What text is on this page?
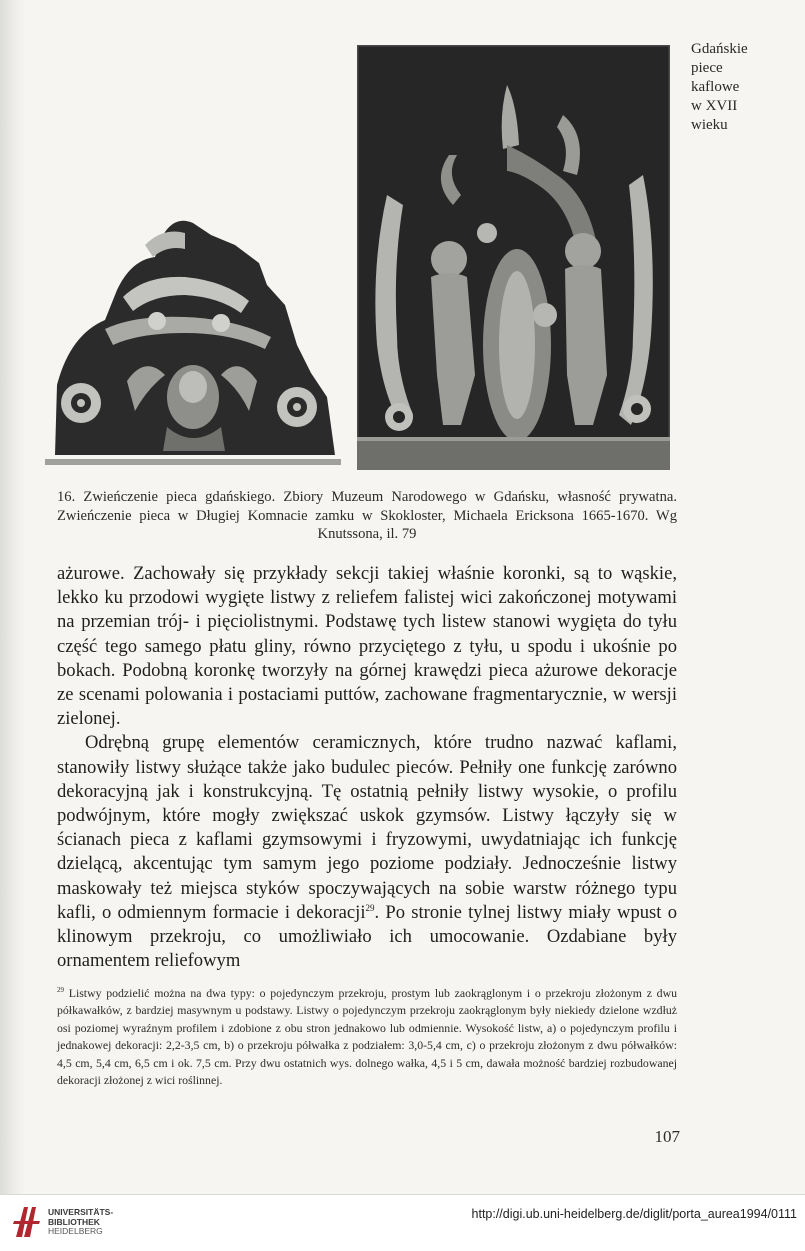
Gdańskie
piece
kaflowe
w XVII
wieku
16. Zwieńczenie pieca gdańskiego. Zbiory Muzeum Narodowego w Gdańsku, własność prywatna. Zwieńczenie pieca w Długiej Komnacie zamku w Skokloster, Michaela Ericksona 1665-1670. Wg Knutssona, il. 79

ażurowe. Zachowały się przykłady sekcji takiej właśnie koronki, są to wąskie, lekko ku przodowi wygięte listwy z reliefem falistej wici zakończonej motywami na przemian trój- i pięciolistnymi. Podstawę tych listew stanowi wygięta do tyłu część tego samego płatu gliny, równo przyciętego z tyłu, u spodu i ukośnie po bokach. Podobną koronkę tworzyły na górnej krawędzi pieca ażurowe dekoracje ze scenami polowania i postaciami puttów, zachowane fragmentarycznie, w wersji zielonej.

Odrębną grupę elementów ceramicznych, które trudno nazwać kaflami, stanowiły listwy służące także jako budulec pieców. Pełniły one funkcję zarówno dekoracyjną jak i konstrukcyjną. Tę ostatnią pełniły listwy wysokie, o profilu podwójnym, które mogły zwiększać uskok gzymsów. Listwy łączyły się w ścianach pieca z kaflami gzymsowymi i fryzowymi, uwydatniając ich funkcję dzielącą, akcentując tym samym jego poziome podziały. Jednocześnie listwy maskowały też miejsca styków spoczywających na sobie warstw różnego typu kafli, o odmiennym formacie i dekoracji$^{29}$. Po stronie tylnej listwy miały wpust o klinowym przekroju, co umożliwiało ich umocowanie. Ozdabiane były ornamentem reliefowym

$^{29}$ Listwy podzielić można na dwa typy: o pojedynczym przekroju, prostym lub zaokrąglonym i o przekroju złożonym z dwu półkawałków, z bardziej masywnym u podstawy. Listwy o pojedynczym przekroju zaokrąglonym były niekiedy dzielone wzdłuż osi poziomej wyraźnym profilem i zdobione z obu stron jednakowo lub odmiennie. Wysokość listw, a) o pojedynczym profilu i jednakowej dekoracji: 2,2-3,5 cm, b) o przekroju półwałka z podziałem: 3,0-5,4 cm, c) o przekroju złożonym z dwu półwałków: 4,5 cm, 5,4 cm, 6,5 cm i ok. 7,5 cm. Przy dwu ostatnich wys. dolnego wałka, 4,5 i 5 cm, dawała możność bardziej rozbudowanej dekoracji złożonej z wici roślinnej.

107
UNIVERSITÄTS-
BIBLIOTHEK
HEIDELBERG
http://digi.ub.uni-heidelberg.de/diglit/porta_aurea1994/0111
